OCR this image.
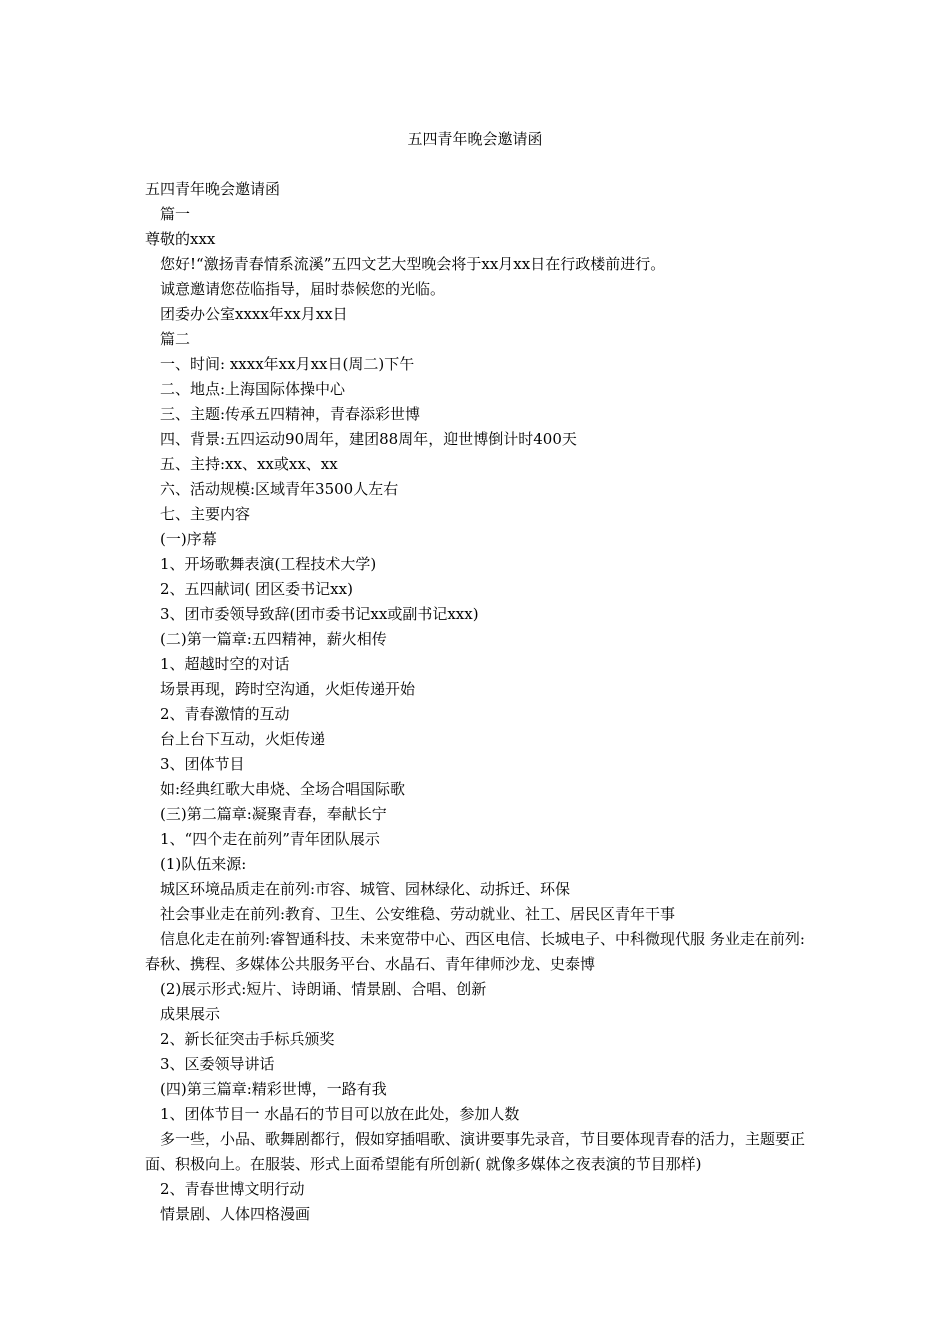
五四青年晚会邀请函
五四青年晚会邀请函
篇一
尊敬的xxx
您好!“激扬青春情系流溪”五四文艺大型晚会将于xx月xx日在行政楼前进行。
诚意邀请您莅临指导，届时恭候您的光临。
团委办公室xxxx年xx月xx日
篇二
一、时间: xxxx年xx月xx日(周二)下午
二、地点:上海国际体操中心
三、主题:传承五四精神，青春添彩世博
四、背景:五四运动90周年，建团88周年，迎世博倒计时400天
五、主持:xx、xx或xx、xx
六、活动规模:区域青年3500人左右
七、主要内容
(一)序幕
1、开场歌舞表演(工程技术大学)
2、五四献词( 团区委书记xx)
3、团市委领导致辞(团市委书记xx或副书记xxx)
(二)第一篇章:五四精神，薪火相传
1、超越时空的对话
场景再现，跨时空沟通，火炬传递开始
2、青春激情的互动
台上台下互动，火炬传递
3、团体节目
如:经典红歌大串烧、全场合唱国际歌
(三)第二篇章:凝聚青春，奉献长宁
1、“四个走在前列”青年团队展示
(1)队伍来源:
城区环境品质走在前列:市容、城管、园林绿化、动拆迁、环保
社会事业走在前列:教育、卫生、公安维稳、劳动就业、社工、居民区青年干事
信息化走在前列:睿智通科技、未来宽带中心、西区电信、长城电子、中科微现代服 务业走在前列:春秋、携程、多媒体公共服务平台、水晶石、青年律师沙龙、史泰博
(2)展示形式:短片、诗朗诵、情景剧、合唱、创新
成果展示
2、新长征突击手标兵颁奖
3、区委领导讲话
(四)第三篇章:精彩世博，一路有我
1、团体节目一 水晶石的节目可以放在此处，参加人数
多一些，小品、歌舞剧都行，假如穿插唱歌、演讲要事先录音，节目要体现青春的活力，主题要正面、积极向上。在服装、形式上面希望能有所创新( 就像多媒体之夜表演的节目那样)
2、青春世博文明行动
情景剧、人体四格漫画
